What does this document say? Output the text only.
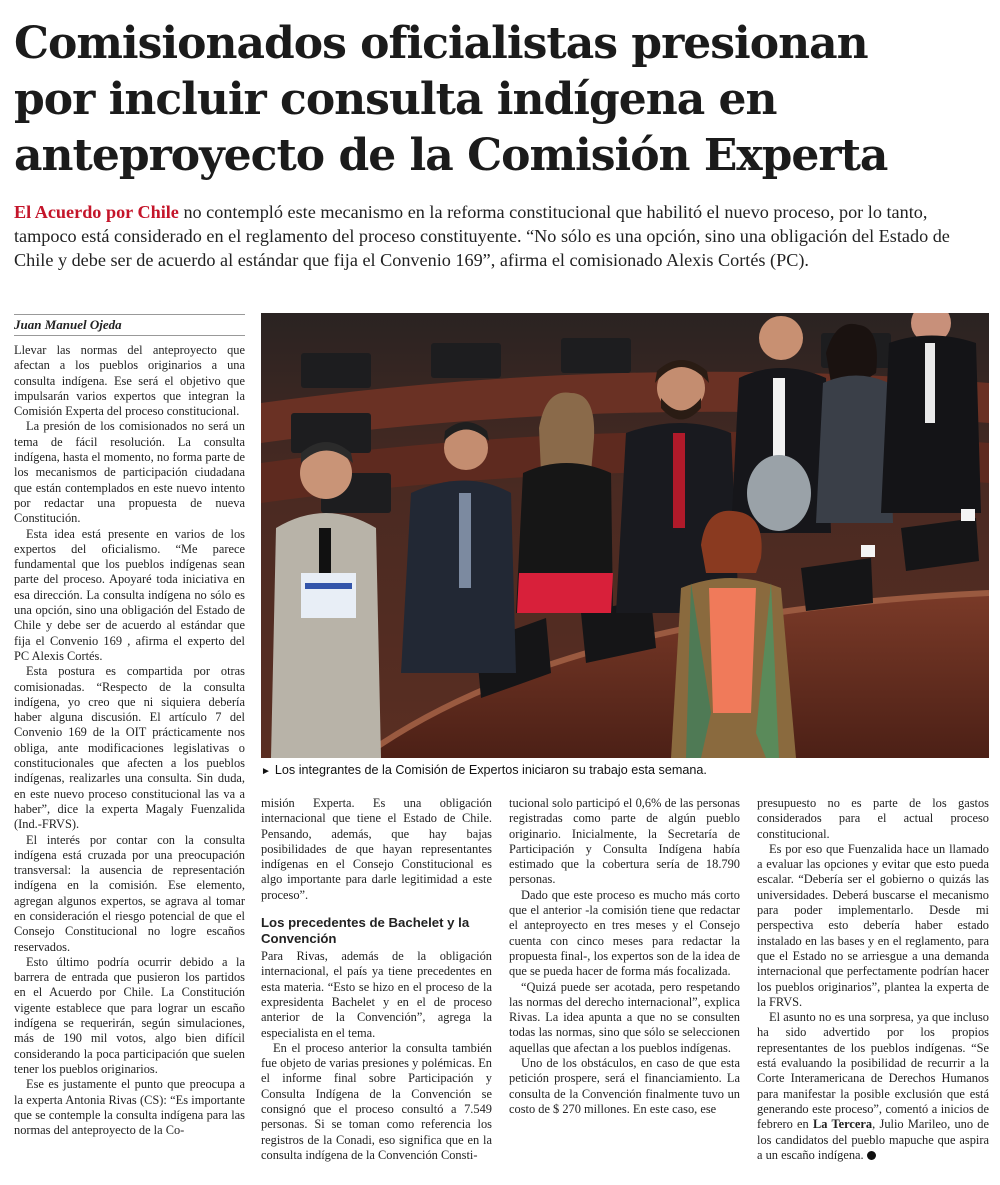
Comisionados oficialistas presionan
por incluir consulta indígena en
anteproyecto de la Comisión Experta

El Acuerdo por Chile no contempló este mecanismo en la reforma constitucional que habilitó el nuevo proceso, por lo tanto, tampoco está considerado en el reglamento del proceso constituyente. “No sólo es una opción, sino una obligación del Estado de Chile y debe ser de acuerdo al estándar que fija el Convenio 169”, afirma el comisionado Alexis Cortés (PC).

Juan Manuel Ojeda

Llevar las normas del anteproyecto que afectan a los pueblos originarios a una consulta indígena. Ese será el objetivo que impulsarán varios expertos que integran la Comisión Experta del proceso constitucional.

La presión de los comisionados no será un tema de fácil resolución. La consulta indígena, hasta el momento, no forma parte de los mecanismos de participación ciudadana que están contemplados en este nuevo intento por redactar una propuesta de nueva Constitución.

Esta idea está presente en varios de los expertos del oficialismo. “Me parece fundamental que los pueblos indígenas sean parte del proceso. Apoyaré toda iniciativa en esa dirección. La consulta indígena no sólo es una opción, sino una obligación del Estado de Chile y debe ser de acuerdo al estándar que fija el Convenio 169 , afirma el experto del PC Alexis Cortés.

Esta postura es compartida por otras comisionadas. “Respecto de la consulta indígena, yo creo que ni siquiera debería haber alguna discusión. El artículo 7 del Convenio 169 de la OIT prácticamente nos obliga, ante modificaciones legislativas o constitucionales que afecten a los pueblos indígenas, realizarles una consulta. Sin duda, en este nuevo proceso constitucional las va a haber”, dice la experta Magaly Fuenzalida (Ind.-FRVS).

El interés por contar con la consulta indígena está cruzada por una preocupación transversal: la ausencia de representación indígena en la comisión. Ese elemento, agregan algunos expertos, se agrava al tomar en consideración el riesgo potencial de que el Consejo Constitucional no logre escaños reservados.

Esto último podría ocurrir debido a la barrera de entrada que pusieron los partidos en el Acuerdo por Chile. La Constitución vigente establece que para lograr un escaño indígena se requerirán, según simulaciones, más de 190 mil votos, algo bien difícil considerando la poca participación que suelen tener los pueblos originarios.

Ese es justamente el punto que preocupa a la experta Antonia Rivas (CS): “Es importante que se contemple la consulta indígena para las normas del anteproyecto de la Co-

► Los integrantes de la Comisión de Expertos iniciaron su trabajo esta semana.

misión Experta. Es una obligación internacional que tiene el Estado de Chile. Pensando, además, que hay bajas posibilidades de que hayan representantes indígenas en el Consejo Constitucional es algo importante para darle legitimidad a este proceso”.

Los precedentes de Bachelet y la Convención

Para Rivas, además de la obligación internacional, el país ya tiene precedentes en esta materia. “Esto se hizo en el proceso de la expresidenta Bachelet y en el de proceso anterior de la Convención”, agrega la especialista en el tema.

En el proceso anterior la consulta también fue objeto de varias presiones y polémicas. En el informe final sobre Participación y Consulta Indígena de la Convención se consignó que el proceso consultó a 7.549 personas. Si se toman como referencia los registros de la Conadi, eso significa que en la consulta indígena de la Convención Consti-

tucional solo participó el 0,6% de las personas registradas como parte de algún pueblo originario. Inicialmente, la Secretaría de Participación y Consulta Indígena había estimado que la cobertura sería de 18.790 personas.

Dado que este proceso es mucho más corto que el anterior -la comisión tiene que redactar el anteproyecto en tres meses y el Consejo cuenta con cinco meses para redactar la propuesta final-, los expertos son de la idea de que se pueda hacer de forma más focalizada.

“Quizá puede ser acotada, pero respetando las normas del derecho internacional”, explica Rivas. La idea apunta a que no se consulten todas las normas, sino que sólo se seleccionen aquellas que afectan a los pueblos indígenas.

Uno de los obstáculos, en caso de que esta petición prospere, será el financiamiento. La consulta de la Convención finalmente tuvo un costo de $ 270 millones. En este caso, ese

presupuesto no es parte de los gastos considerados para el actual proceso constitucional.

Es por eso que Fuenzalida hace un llamado a evaluar las opciones y evitar que esto pueda escalar. “Debería ser el gobierno o quizás las universidades. Deberá buscarse el mecanismo para poder implementarlo. Desde mi perspectiva esto debería haber estado instalado en las bases y en el reglamento, para que el Estado no se arriesgue a una demanda internacional que perfectamente podrían hacer los pueblos originarios”, plantea la experta de la FRVS.

El asunto no es una sorpresa, ya que incluso ha sido advertido por los propios representantes de los pueblos indígenas. “Se está evaluando la posibilidad de recurrir a la Corte Interamericana de Derechos Humanos para manifestar la posible exclusión que está generando este proceso”, comentó a inicios de febrero en La Tercera, Julio Marileo, uno de los candidatos del pueblo mapuche que aspira a un escaño indígena.
